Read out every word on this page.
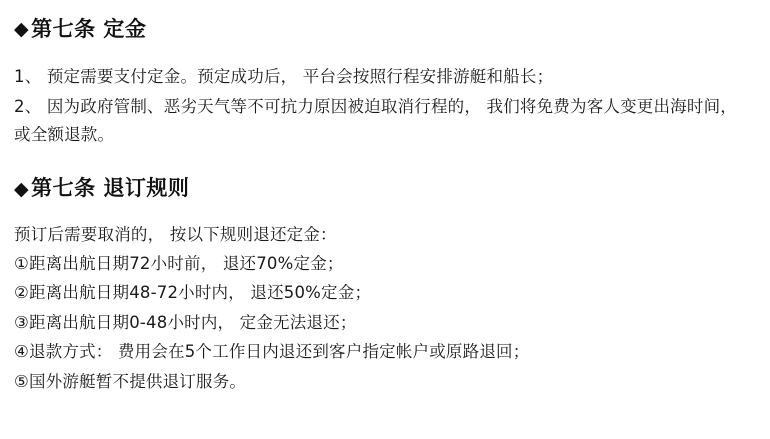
◆ 第七条 定金

1、 预定需要支付定金。预定成功后， 平台会按照行程安排游艇和船长；

2、 因为政府管制、恶劣天气等不可抗力原因被迫取消行程的， 我们将免费为客人变更出海时间， 或全额退款。

◆ 第七条 退订规则

预订后需要取消的， 按以下规则退还定金：

①距离出航日期72小时前， 退还70%定金；

②距离出航日期48-72小时内， 退还50%定金；

③距离出航日期0-48小时内， 定金无法退还；

④退款方式： 费用会在5个工作日内退还到客户指定帐户或原路退回；

⑤国外游艇暂不提供退订服务。
